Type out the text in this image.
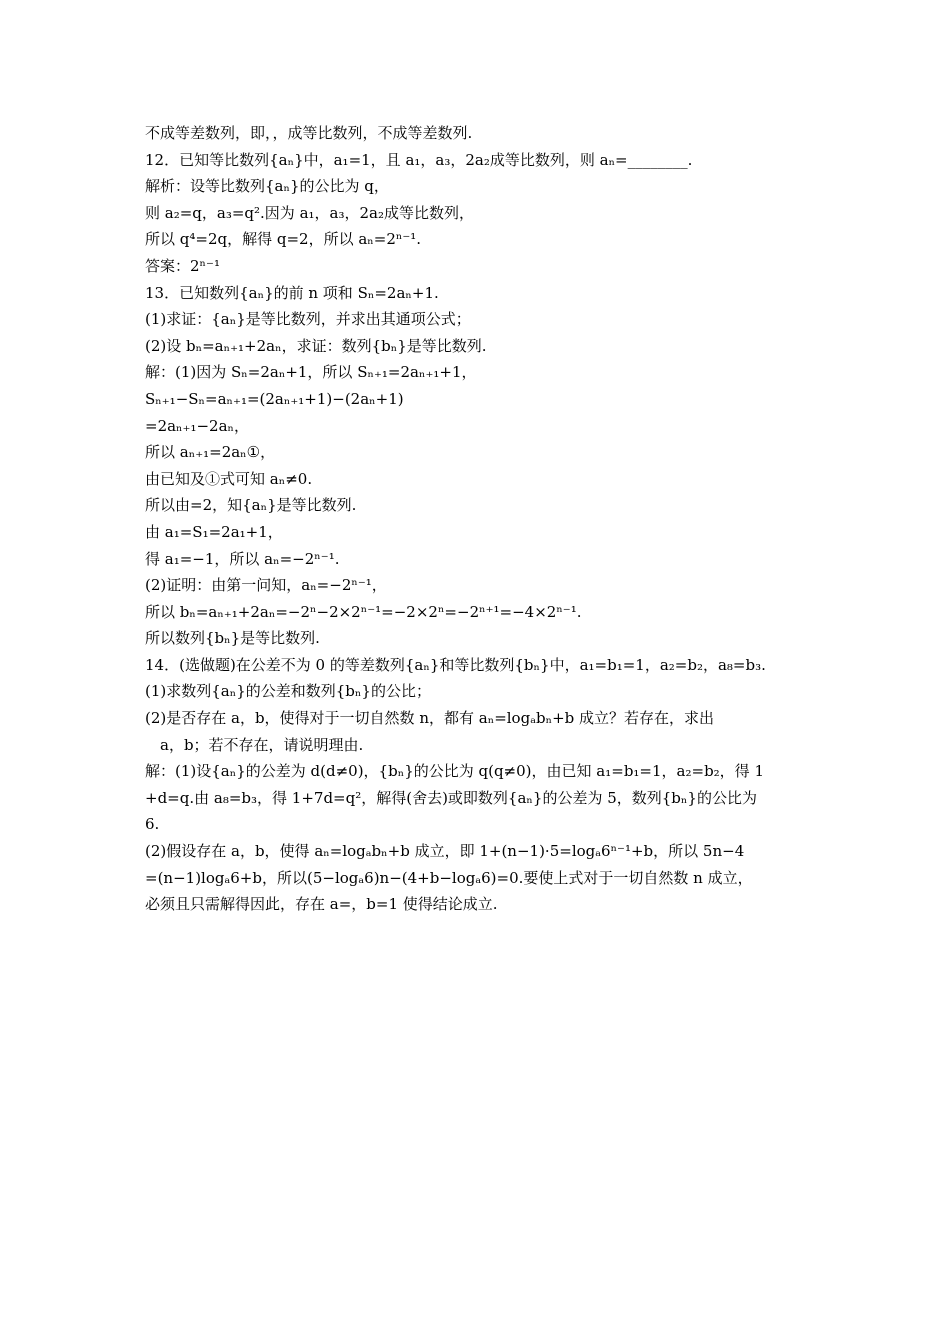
不成等差数列，即，，成等比数列，不成等差数列.
12．已知等比数列{aₙ}中，a₁=1，且 a₁，a₃，2a₂成等比数列，则 aₙ=________.
解析：设等比数列{aₙ}的公比为 q，
则 a₂=q，a₃=q².因为 a₁，a₃，2a₂成等比数列，
所以 q⁴=2q，解得 q=2，所以 aₙ=2ⁿ⁻¹.
答案：2ⁿ⁻¹
13．已知数列{aₙ}的前 n 项和 Sₙ=2aₙ+1.
(1)求证：{aₙ}是等比数列，并求出其通项公式；
(2)设 bₙ=aₙ₊₁+2aₙ，求证：数列{bₙ}是等比数列.
解：(1)因为 Sₙ=2aₙ+1，所以 Sₙ₊₁=2aₙ₊₁+1，
Sₙ₊₁−Sₙ=aₙ₊₁=(2aₙ₊₁+1)−(2aₙ+1)
=2aₙ₊₁−2aₙ，
所以 aₙ₊₁=2aₙ①，
由已知及①式可知 aₙ≠0.
所以由=2，知{aₙ}是等比数列.
由 a₁=S₁=2a₁+1，
得 a₁=−1，所以 aₙ=−2ⁿ⁻¹.
(2)证明：由第一问知，aₙ=−2ⁿ⁻¹，
所以 bₙ=aₙ₊₁+2aₙ=−2ⁿ−2×2ⁿ⁻¹=−2×2ⁿ=−2ⁿ⁺¹=−4×2ⁿ⁻¹.
所以数列{bₙ}是等比数列.
14．(选做题)在公差不为 0 的等差数列{aₙ}和等比数列{bₙ}中，a₁=b₁=1，a₂=b₂，a₈=b₃.
(1)求数列{aₙ}的公差和数列{bₙ}的公比；
(2)是否存在 a，b，使得对于一切自然数 n，都有 aₙ=logₐbₙ+b 成立？若存在，求出
a，b；若不存在，请说明理由.
解：(1)设{aₙ}的公差为 d(d≠0)，{bₙ}的公比为 q(q≠0)，由已知 a₁=b₁=1，a₂=b₂，得 1
+d=q.由 a₈=b₃，得 1+7d=q²，解得(舍去)或即数列{aₙ}的公差为 5，数列{bₙ}的公比为
6.
(2)假设存在 a，b，使得 aₙ=logₐbₙ+b 成立，即 1+(n−1)·5=logₐ6ⁿ⁻¹+b，所以 5n−4
=(n−1)logₐ6+b，所以(5−logₐ6)n−(4+b−logₐ6)=0.要使上式对于一切自然数 n 成立，
必须且只需解得因此，存在 a=，b=1 使得结论成立.
